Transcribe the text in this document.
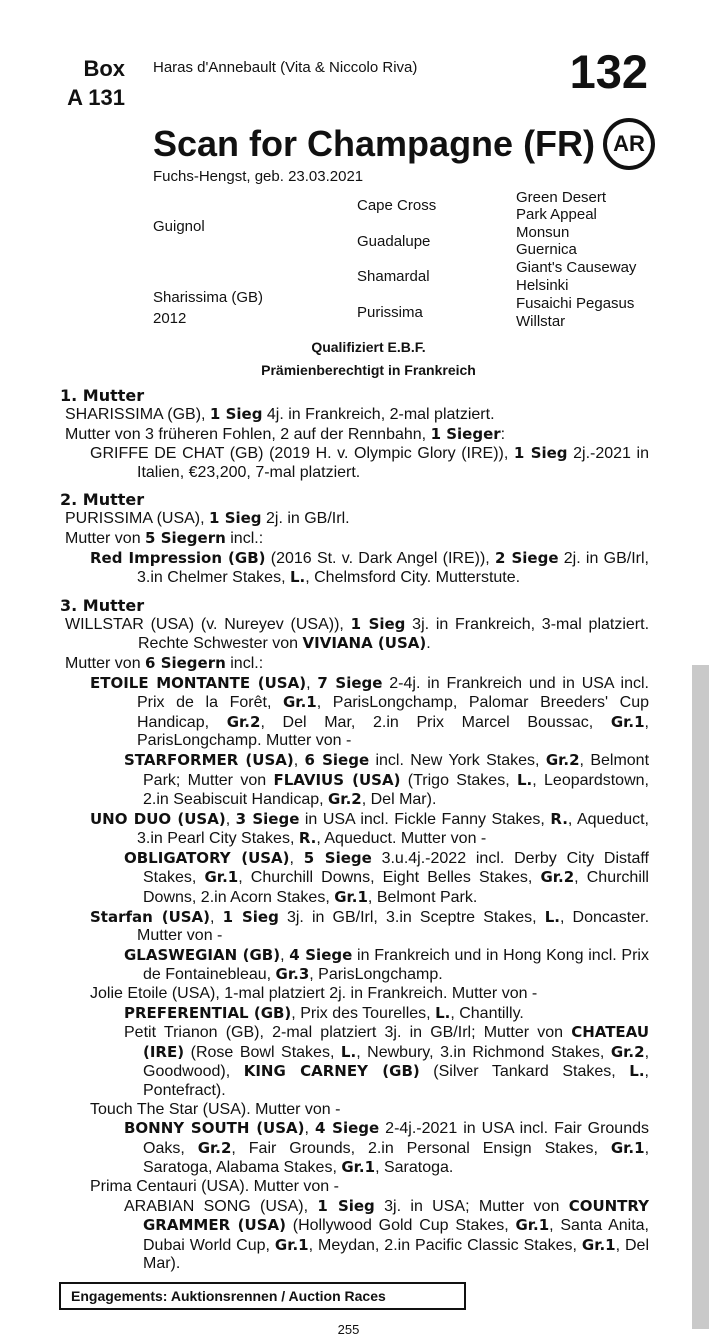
Box
A 131
Haras d'Annebault (Vita & Niccolo Riva)	132
Scan for Champagne (FR) AR
Fuchs-Hengst, geb. 23.03.2021
Guignol
Sharissima (GB)
2012
Cape Cross
Guadalupe
Shamardal
Purissima
Green Desert
Park Appeal
Monsun
Guernica
Giant's Causeway
Helsinki
Fusaichi Pegasus
Willstar
Qualifiziert E.B.F.
Prämienberechtigt in Frankreich
1. Mutter
SHARISSIMA (GB), 1 Sieg 4j. in Frankreich, 2-mal platziert.
Mutter von 3 früheren Fohlen, 2 auf der Rennbahn, 1 Sieger:
GRIFFE DE CHAT (GB) (2019 H. v. Olympic Glory (IRE)), 1 Sieg 2j.-2021 in Italien, €23,200, 7-mal platziert.
2. Mutter
PURISSIMA (USA), 1 Sieg 2j. in GB/Irl.
Mutter von 5 Siegern incl.:
Red Impression (GB) (2016 St. v. Dark Angel (IRE)), 2 Siege 2j. in GB/Irl, 3.in Chelmer Stakes, L., Chelmsford City. Mutterstute.
3. Mutter
WILLSTAR (USA) (v. Nureyev (USA)), 1 Sieg 3j. in Frankreich, 3-mal platziert. Rechte Schwester von VIVIANA (USA).
Mutter von 6 Siegern incl.:
ETOILE MONTANTE (USA), 7 Siege 2-4j. in Frankreich und in USA incl. Prix de la Forêt, Gr.1, ParisLongchamp, Palomar Breeders' Cup Handicap, Gr.2, Del Mar, 2.in Prix Marcel Boussac, Gr.1, ParisLongchamp. Mutter von -
STARFORMER (USA), 6 Siege incl. New York Stakes, Gr.2, Belmont Park; Mutter von FLAVIUS (USA) (Trigo Stakes, L., Leopardstown, 2.in Seabiscuit Handicap, Gr.2, Del Mar).
UNO DUO (USA), 3 Siege in USA incl. Fickle Fanny Stakes, R., Aqueduct, 3.in Pearl City Stakes, R., Aqueduct. Mutter von -
OBLIGATORY (USA), 5 Siege 3.u.4j.-2022 incl. Derby City Distaff Stakes, Gr.1, Churchill Downs, Eight Belles Stakes, Gr.2, Churchill Downs, 2.in Acorn Stakes, Gr.1, Belmont Park.
Starfan (USA), 1 Sieg 3j. in GB/Irl, 3.in Sceptre Stakes, L., Doncaster. Mutter von -
GLASWEGIAN (GB), 4 Siege in Frankreich und in Hong Kong incl. Prix de Fontainebleau, Gr.3, ParisLongchamp.
Jolie Etoile (USA), 1-mal platziert 2j. in Frankreich. Mutter von -
PREFERENTIAL (GB), Prix des Tourelles, L., Chantilly.
Petit Trianon (GB), 2-mal platziert 3j. in GB/Irl; Mutter von CHATEAU (IRE) (Rose Bowl Stakes, L., Newbury, 3.in Richmond Stakes, Gr.2, Goodwood), KING CARNEY (GB) (Silver Tankard Stakes, L., Pontefract).
Touch The Star (USA). Mutter von -
BONNY SOUTH (USA), 4 Siege 2-4j.-2021 in USA incl. Fair Grounds Oaks, Gr.2, Fair Grounds, 2.in Personal Ensign Stakes, Gr.1, Saratoga, Alabama Stakes, Gr.1, Saratoga.
Prima Centauri (USA). Mutter von -
ARABIAN SONG (USA), 1 Sieg 3j. in USA; Mutter von COUNTRY GRAMMER (USA) (Hollywood Gold Cup Stakes, Gr.1, Santa Anita, Dubai World Cup, Gr.1, Meydan, 2.in Pacific Classic Stakes, Gr.1, Del Mar).
Engagements: Auktionsrennen / Auction Races
255
